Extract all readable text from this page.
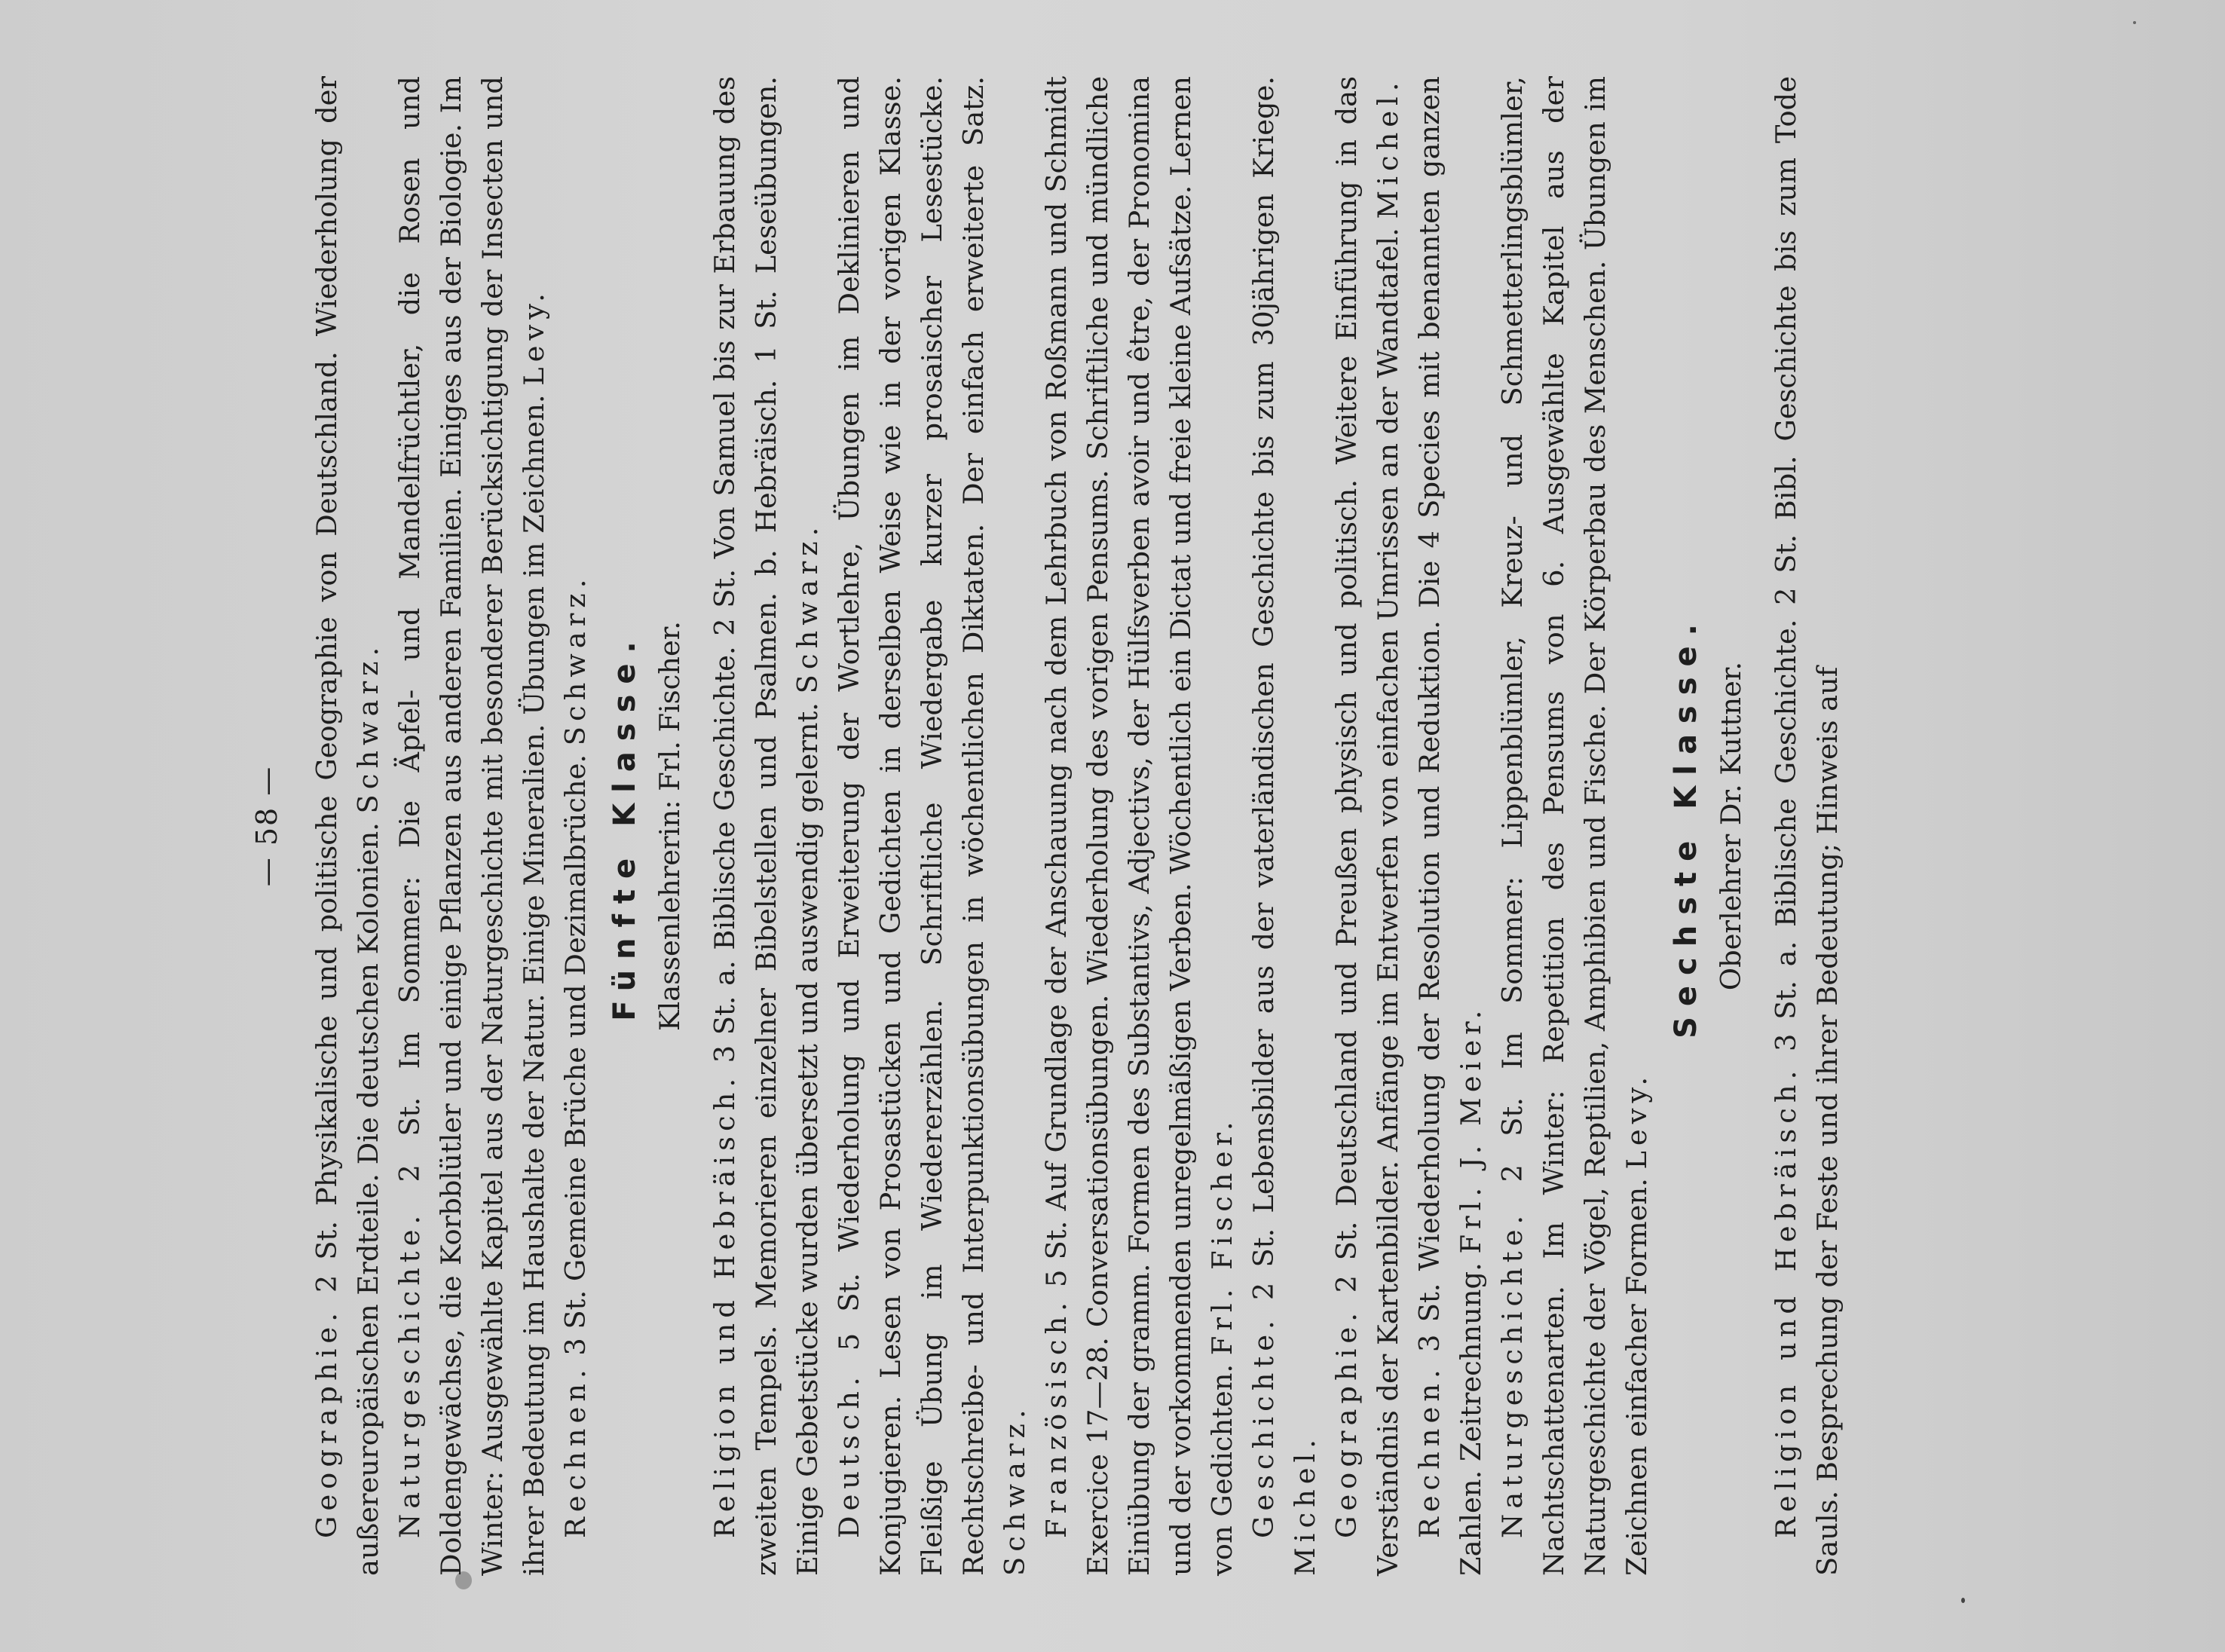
— 58 —

Geographie. 2 St. Physikalische und politische Geographie von Deutschland. Wiederholung der außereuropäischen Erdteile. Die deutschen Kolonien. Schwarz.

Naturgeschichte. 2 St. Im Sommer: Die Äpfel- und Mandelfrüchtler, die Rosen und Doldengewächse, die Korbblütler und einige Pflanzen aus anderen Familien. Einiges aus der Biologie. Im Winter: Ausgewählte Kapitel aus der Naturgeschichte mit besonderer Berücksichtigung der Insecten und ihrer Bedeutung im Haushalte der Natur. Einige Mineralien. Übungen im Zeichnen. Levy.

Rechnen. 3 St. Gemeine Brüche und Dezimalbrüche. Schwarz. Fünfte Klasse. Klassenlehrerin: Frl. Fischer.

Religion und Hebräisch. 3 St. a. Biblische Geschichte. 2 St. Von Samuel bis zur Erbauung des zweiten Tempels. Memorieren einzelner Bibelstellen und Psalmen. b. Hebräisch. 1 St. Leseübungen. Einige Gebetstücke wurden übersetzt und auswendig gelernt. Schwarz.

Deutsch. 5 St. Wiederholung und Erweiterung der Wortlehre, Übungen im Deklinieren und Konjugieren. Lesen von Prosastücken und Gedichten in derselben Weise wie in der vorigen Klasse. Fleißige Übung im Wiedererzählen. Schriftliche Wiedergabe kurzer prosaischer Lesestücke. Rechtschreibe- und Interpunktionsübungen in wöchentlichen Diktaten. Der einfach erweiterte Satz. Schwarz. Französisch. 5 St. Auf Grundlage der Anschauung nach dem Lehrbuch von Roßmann und Schmidt Exercice 17—28. Conversationsübungen. Wiederholung des vorigen Pensums. Schriftliche und mündliche Einübung der gramm. Formen des Substantivs, Adjectivs, der Hülfsverben avoir und être, der Pronomina und der vorkommenden unregelmäßigen Verben. Wöchentlich ein Dictat und freie kleine Aufsätze. Lernen von Gedichten. Frl. Fischer.

Geschichte. 2 St. Lebensbilder aus der vaterländischen Geschichte bis zum 30jährigen Kriege. Michel. Geographie. 2 St. Deutschland und Preußen physisch und politisch. Weitere Einführung in das Verständnis der Kartenbilder. Anfänge im Entwerfen von einfachen Umrissen an der Wandtafel. Michel.

Rechnen. 3 St. Wiederholung der Resolution und Reduktion. Die 4 Species mit benannten ganzen Zahlen. Zeitrechnung. Frl. J. Meier.

Naturgeschichte. 2 St. Im Sommer: Lippenblümler, Kreuz- und Schmetterlingsblümler, Nachtschattenarten. Im Winter: Repetition des Pensums von 6. Ausgewählte Kapitel aus der Naturgeschichte der Vögel, Reptilien, Amphibien und Fische. Der Körperbau des Menschen. Übungen im Zeichnen einfacher Formen. Levy.

Sechste Klasse. Oberlehrer Dr. Kuttner.

Religion und Hebräisch. 3 St. a. Biblische Geschichte. 2 St. Bibl. Geschichte bis zum Tode Sauls. Besprechung der Feste und ihrer Bedeutung; Hinweis auf
